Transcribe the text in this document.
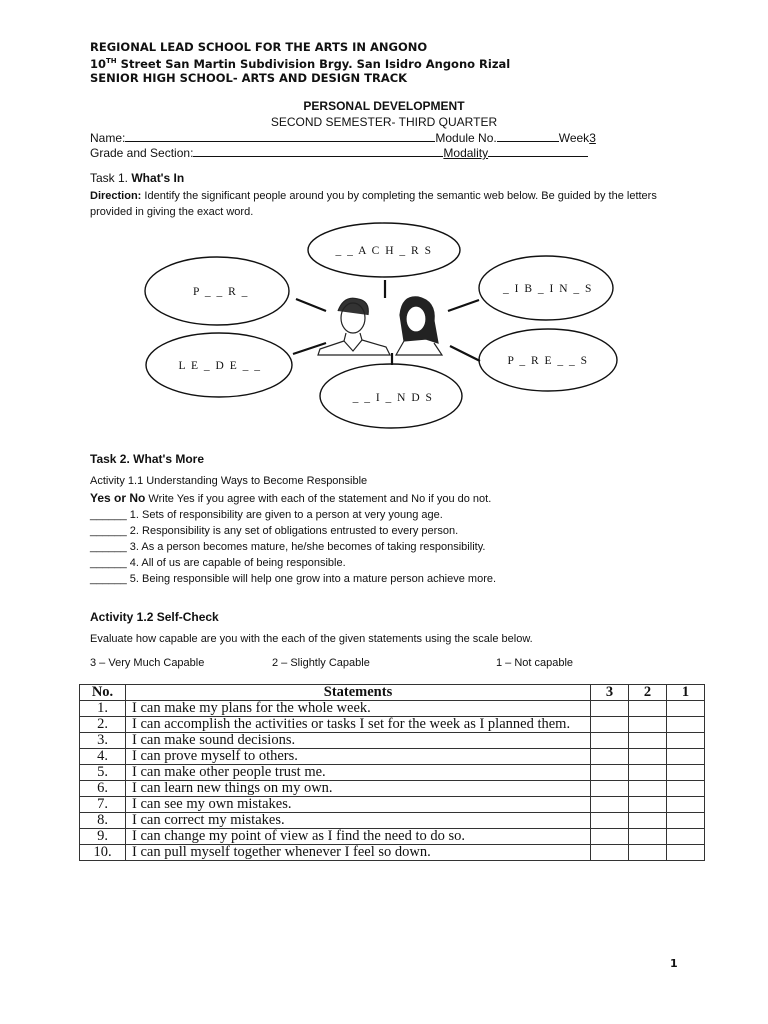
REGIONAL LEAD SCHOOL FOR THE ARTS IN ANGONO
10TH Street San Martin Subdivision Brgy. San Isidro Angono Rizal
SENIOR HIGH SCHOOL- ARTS AND DESIGN TRACK
PERSONAL DEVELOPMENT
SECOND SEMESTER- THIRD QUARTER
Name:	Module No.	Week3
Grade and Section:	Modality
Task 1. What's In
Direction: Identify the significant people around you by completing the semantic web below. Be guided by the letters provided in giving the exact word.
_ _ A C H _ R S
P _ _ R _	_ I B _ I N _ S
L E _ D E _ _	P _ R E _ _ S
_ _ I _ N D S
Task 2. What's More
Activity 1.1 Understanding Ways to Become Responsible
Yes or No Write Yes if you agree with each of the statement and No if you do not.
______ 1. Sets of responsibility are given to a person at very young age.
______ 2. Responsibility is any set of obligations entrusted to every person.
______ 3. As a person becomes mature, he/she becomes of taking responsibility.
______ 4. All of us are capable of being responsible.
______ 5. Being responsible will help one grow into a mature person achieve more.
Activity 1.2 Self-Check
Evaluate how capable are you with the each of the given statements using the scale below.
3 – Very Much Capable	2 – Slightly Capable	1 – Not capable
No.	Statements	3	2	1
1.	I can make my plans for the whole week.			
2.	I can accomplish the activities or tasks I set for the week as I planned them.			
3.	I can make sound decisions.			
4.	I can prove myself to others.			
5.	I can make other people trust me.			
6.	I can learn new things on my own.			
7.	I can see my own mistakes.			
8.	I can correct my mistakes.			
9.	I can change my point of view as I find the need to do so.			
10.	I can pull myself together whenever I feel so down.			
1
